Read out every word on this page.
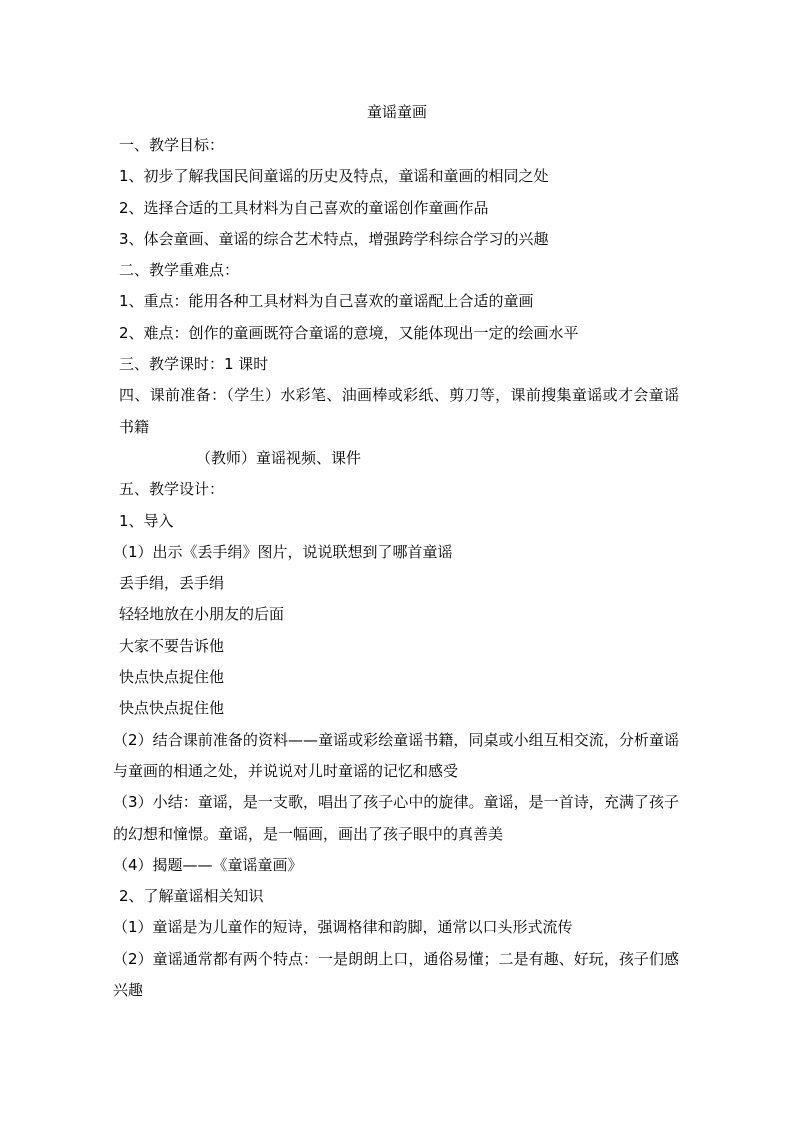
童谣童画
一、教学目标：
1、初步了解我国民间童谣的历史及特点，童谣和童画的相同之处
2、选择合适的工具材料为自己喜欢的童谣创作童画作品
3、体会童画、童谣的综合艺术特点，增强跨学科综合学习的兴趣
二、教学重难点：
1、重点：能用各种工具材料为自己喜欢的童谣配上合适的童画
2、难点：创作的童画既符合童谣的意境，又能体现出一定的绘画水平
三、教学课时：1 课时
四、课前准备：（学生）水彩笔、油画棒或彩纸、剪刀等，课前搜集童谣或才会童谣书籍
（教师）童谣视频、课件
五、教学设计：
1、导入
（1）出示《丢手绢》图片，说说联想到了哪首童谣
丢手绢，丢手绢
轻轻地放在小朋友的后面
大家不要告诉他
快点快点捉住他
快点快点捉住他
（2）结合课前准备的资料——童谣或彩绘童谣书籍，同桌或小组互相交流，分析童谣与童画的相通之处，并说说对儿时童谣的记忆和感受
（3）小结：童谣，是一支歌，唱出了孩子心中的旋律。童谣，是一首诗，充满了孩子的幻想和憧憬。童谣，是一幅画，画出了孩子眼中的真善美
（4）揭题——《童谣童画》
2、了解童谣相关知识
（1）童谣是为儿童作的短诗，强调格律和韵脚，通常以口头形式流传
（2）童谣通常都有两个特点：一是朗朗上口，通俗易懂；二是有趣、好玩，孩子们感兴趣
